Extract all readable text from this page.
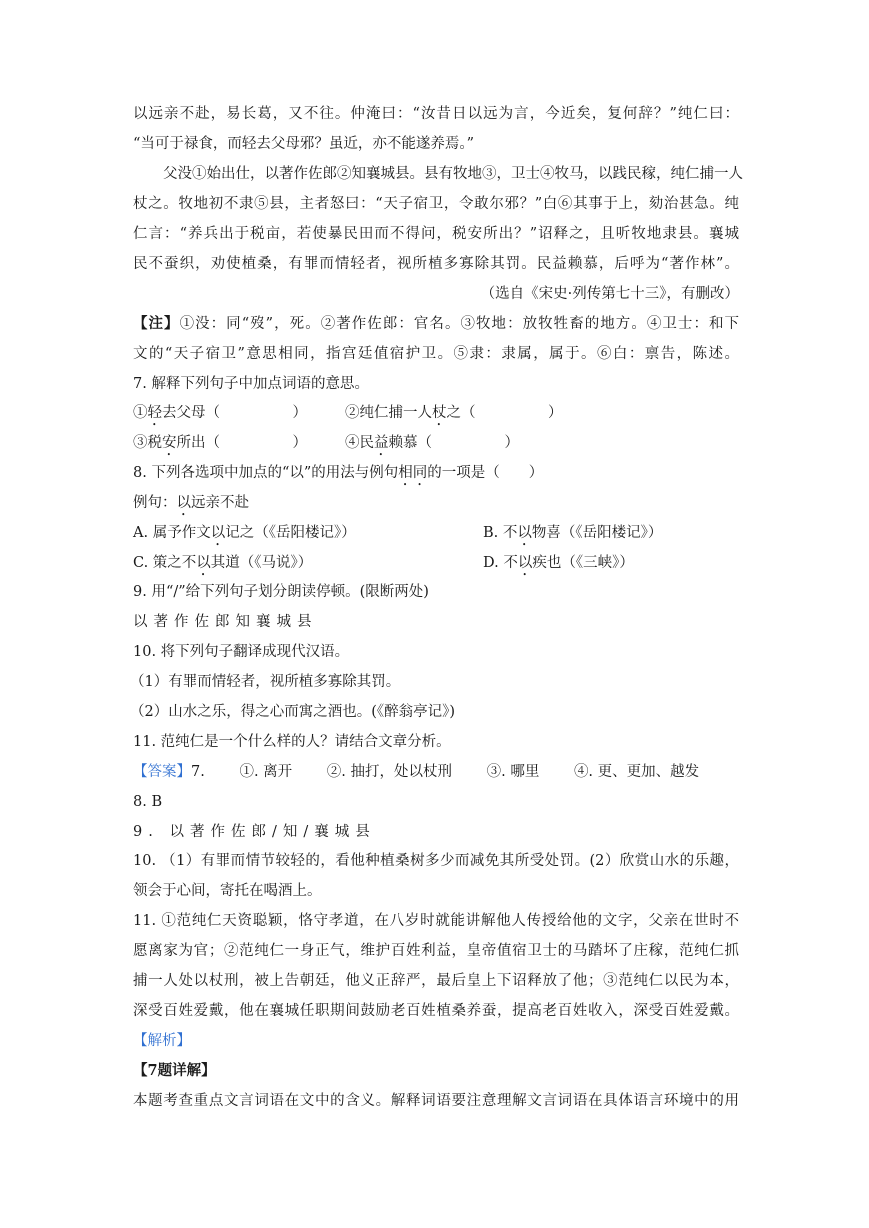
以远亲不赴，易长葛，又不往。仲淹曰：“汝昔日以远为言，今近矣，复何辞？”纯仁曰：
“当可于禄食，而轻去父母邪？虽近，亦不能遂养焉。”
父没①始出仕，以著作佐郎②知襄城县。县有牧地③，卫士④牧马，以践民稼，纯仁捕一人
杖之。牧地初不隶⑤县，主者怒曰：“天子宿卫，令敢尔邪？”白⑥其事于上，劾治甚急。纯
仁言：“养兵出于税亩，若使暴民田而不得问，税安所出？”诏释之，且听牧地隶县。襄城
民不蚕织，劝使植桑，有罪而情轻者，视所植多寡除其罚。民益赖慕，后呼为“著作林”。
（选自《宋史·列传第七十三》，有删改）
【注】①没：同“歿”，死。②著作佐郎：官名。③牧地：放牧牲畜的地方。④卫士：和下
文的“天子宿卫”意思相同，指宫廷值宿护卫。⑤隶：隶属，属于。⑥白：禀告，陈述。
7. 解释下列句子中加点词语的意思。
①轻去父母（　　　　　）	②纯仁捕一人杖之（　　　　　）
③税安所出（　　　　　）	④民益赖慕（　　　　　）
8. 下列各选项中加点的“以”的用法与例句相同的一项是（　　）
例句：以远亲不赴
A. 属予作文以记之（《岳阳楼记》）	B. 不以物喜（《岳阳楼记》）
C. 策之不以其道（《马说》）	D. 不以疾也（《三峡》）
9. 用“/”给下列句子划分朗读停顿。(限断两处)
以著作佐郎知襄城县
10. 将下列句子翻译成现代汉语。
（1）有罪而情轻者，视所植多寡除其罚。
（2）山水之乐，得之心而寓之酒也。(《醉翁亭记》)
11. 范纯仁是一个什么样的人？请结合文章分析。
【答案】7. ①. 离开 ②. 抽打，处以杖刑 ③. 哪里 ④. 更、更加、越发
8. B
9. 以著作佐郎/知/襄城县
10. （1）有罪而情节较轻的，看他种植桑树多少而减免其所受处罚。(2）欣赏山水的乐趣，
领会于心间，寄托在喝酒上。
11. ①范纯仁天资聪颖，恪守孝道，在八岁时就能讲解他人传授给他的文字，父亲在世时不
愿离家为官；②范纯仁一身正气，维护百姓利益，皇帝值宿卫士的马踏坏了庄稼，范纯仁抓
捕一人处以杖刑，被上告朝廷，他义正辞严，最后皇上下诏释放了他；③范纯仁以民为本，
深受百姓爱戴，他在襄城任职期间鼓励老百姓植桑养蚕，提高老百姓收入，深受百姓爱戴。
【解析】
【7题详解】
本题考查重点文言词语在文中的含义。解释词语要注意理解文言词语在具体语言环境中的用
